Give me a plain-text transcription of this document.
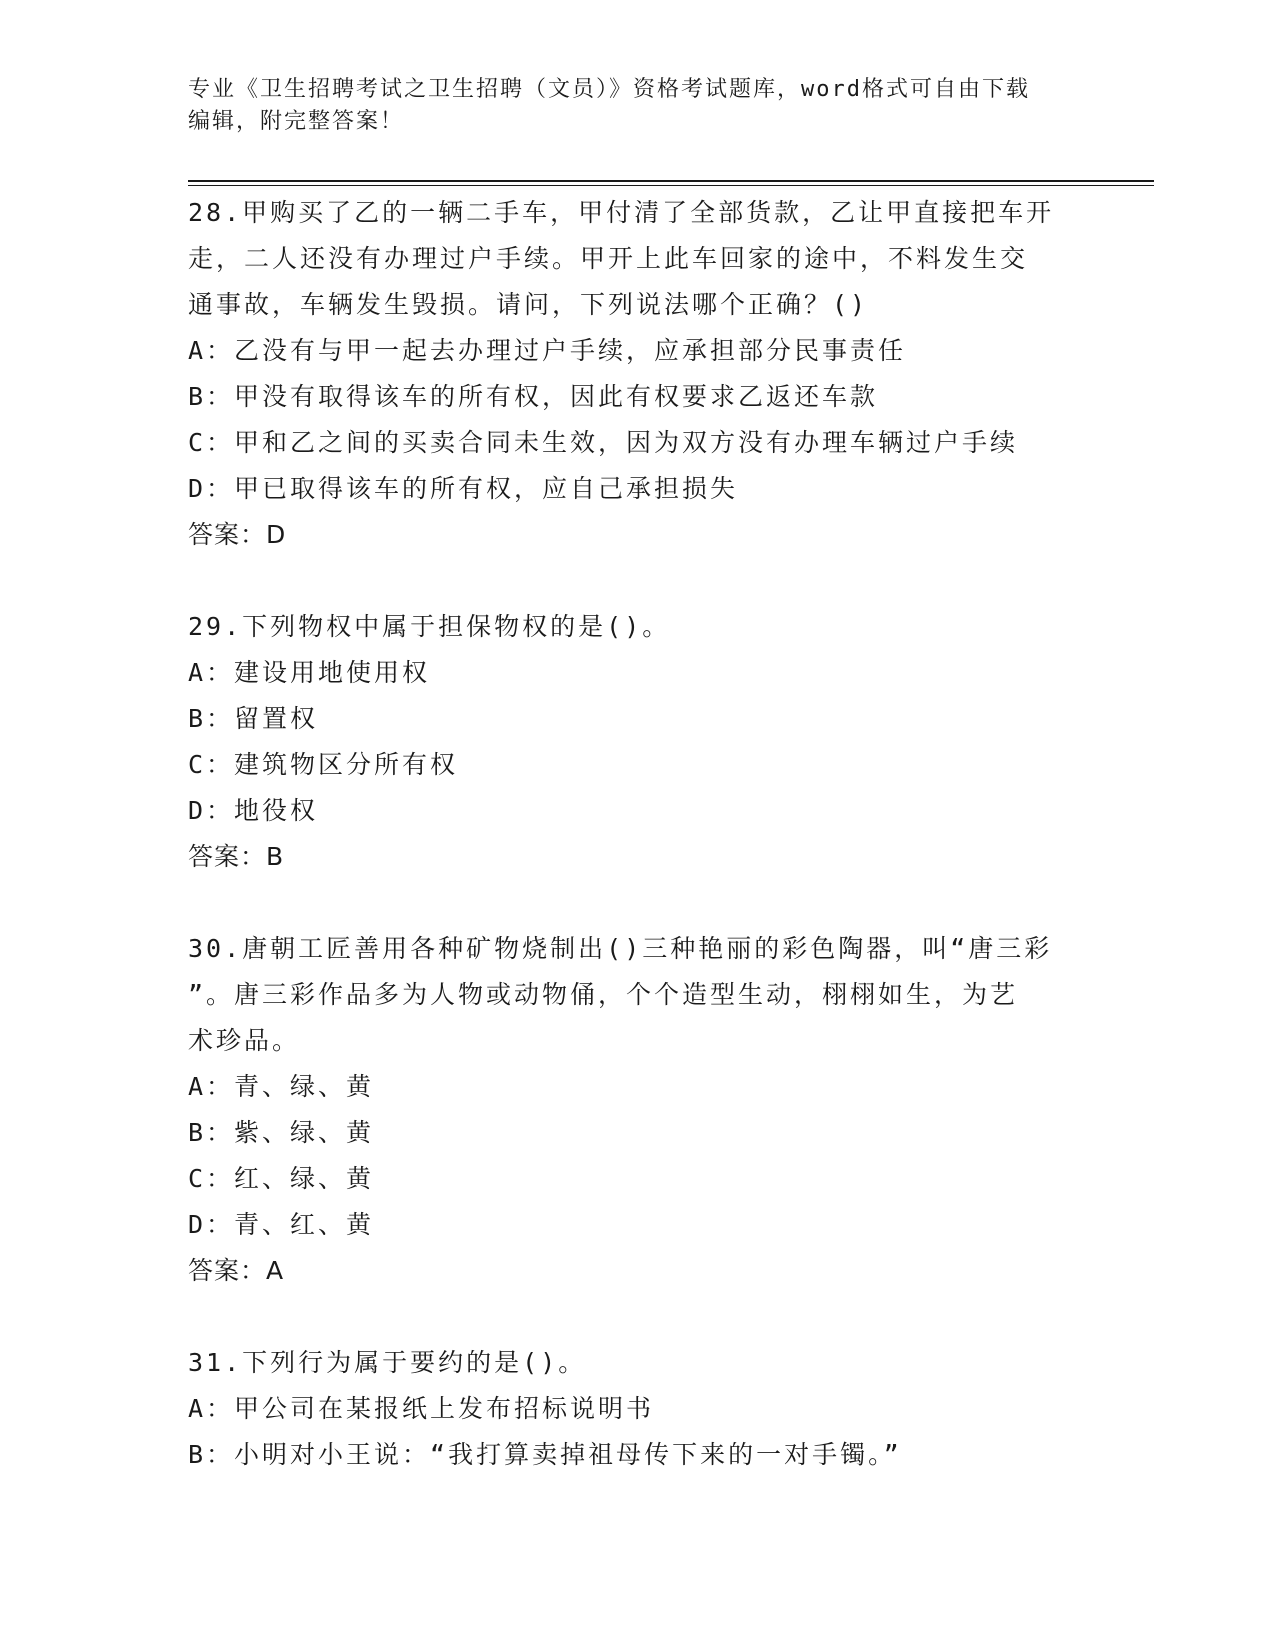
专业《卫生招聘考试之卫生招聘（文员）》资格考试题库，word格式可自由下载
编辑，附完整答案！
28.甲购买了乙的一辆二手车，甲付清了全部货款，乙让甲直接把车开
走，二人还没有办理过户手续。甲开上此车回家的途中，不料发生交
通事故，车辆发生毁损。请问，下列说法哪个正确？()
A：乙没有与甲一起去办理过户手续，应承担部分民事责任
B：甲没有取得该车的所有权，因此有权要求乙返还车款
C：甲和乙之间的买卖合同未生效，因为双方没有办理车辆过户手续
D：甲已取得该车的所有权，应自己承担损失
答案：D
29.下列物权中属于担保物权的是()。
A：建设用地使用权
B：留置权
C：建筑物区分所有权
D：地役权
答案：B
30.唐朝工匠善用各种矿物烧制出()三种艳丽的彩色陶器，叫“唐三彩
”。唐三彩作品多为人物或动物俑，个个造型生动，栩栩如生，为艺
术珍品。
A：青、绿、黄
B：紫、绿、黄
C：红、绿、黄
D：青、红、黄
答案：A
31.下列行为属于要约的是()。
A：甲公司在某报纸上发布招标说明书
B：小明对小王说：“我打算卖掉祖母传下来的一对手镯。”
